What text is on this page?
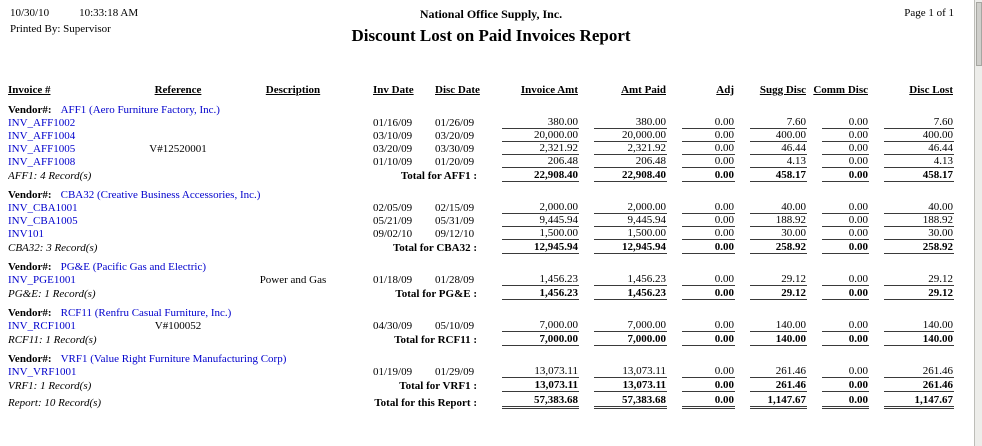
10/30/10	10:33:18 AM
Printed By: Supervisor
National Office Supply, Inc.
Discount Lost on Paid Invoices Report
Page 1 of 1
Invoice #	Reference	Description	Inv Date	Disc Date	Invoice Amt	Amt Paid	Adj	Sugg Disc	Comm Disc	Disc Lost
Vendor#: AFF1 (Aero Furniture Factory, Inc.)										
INV_AFF1002			01/16/09	01/26/09	380.00	380.00	0.00	7.60	0.00	7.60

INV_AFF1004			03/10/09	03/20/09	20,000.00	20,000.00	0.00	400.00	0.00	400.00

INV_AFF1005	V#12520001		03/20/09	03/30/09	2,321.92	2,321.92	0.00	46.44	0.00	46.44

INV_AFF1008			01/10/09	01/20/09	206.48	206.48	0.00	4.13	0.00	4.13

AFF1: 4 Record(s)		Total for AFF1 :			22,908.40	22,908.40	0.00	458.17	0.00	458.17

Vendor#: CBA32 (Creative Business Accessories, Inc.)										
INV_CBA1001			02/05/09	02/15/09	2,000.00	2,000.00	0.00	40.00	0.00	40.00

INV_CBA1005			05/21/09	05/31/09	9,445.94	9,445.94	0.00	188.92	0.00	188.92

INV101			09/02/10	09/12/10	1,500.00	1,500.00	0.00	30.00	0.00	30.00

CBA32: 3 Record(s)		Total for CBA32 :			12,945.94	12,945.94	0.00	258.92	0.00	258.92

Vendor#: PG&E (Pacific Gas and Electric)										
INV_PGE1001		Power and Gas	01/18/09	01/28/09	1,456.23	1,456.23	0.00	29.12	0.00	29.12

PG&E: 1 Record(s)		Total for PG&E :			1,456.23	1,456.23	0.00	29.12	0.00	29.12

Vendor#: RCF11 (Renfru Casual Furniture, Inc.)										
INV_RCF1001	V#100052		04/30/09	05/10/09	7,000.00	7,000.00	0.00	140.00	0.00	140.00

RCF11: 1 Record(s)		Total for RCF11 :			7,000.00	7,000.00	0.00	140.00	0.00	140.00

Vendor#: VRF1 (Value Right Furniture Manufacturing Corp)										
INV_VRF1001			01/19/09	01/29/09	13,073.11	13,073.11	0.00	261.46	0.00	261.46

VRF1: 1 Record(s)		Total for VRF1 :			13,073.11	13,073.11	0.00	261.46	0.00	261.46

Report: 10 Record(s)		Total for this Report :			57,383.68	57,383.68	0.00	1,147.67	0.00	1,147.67
